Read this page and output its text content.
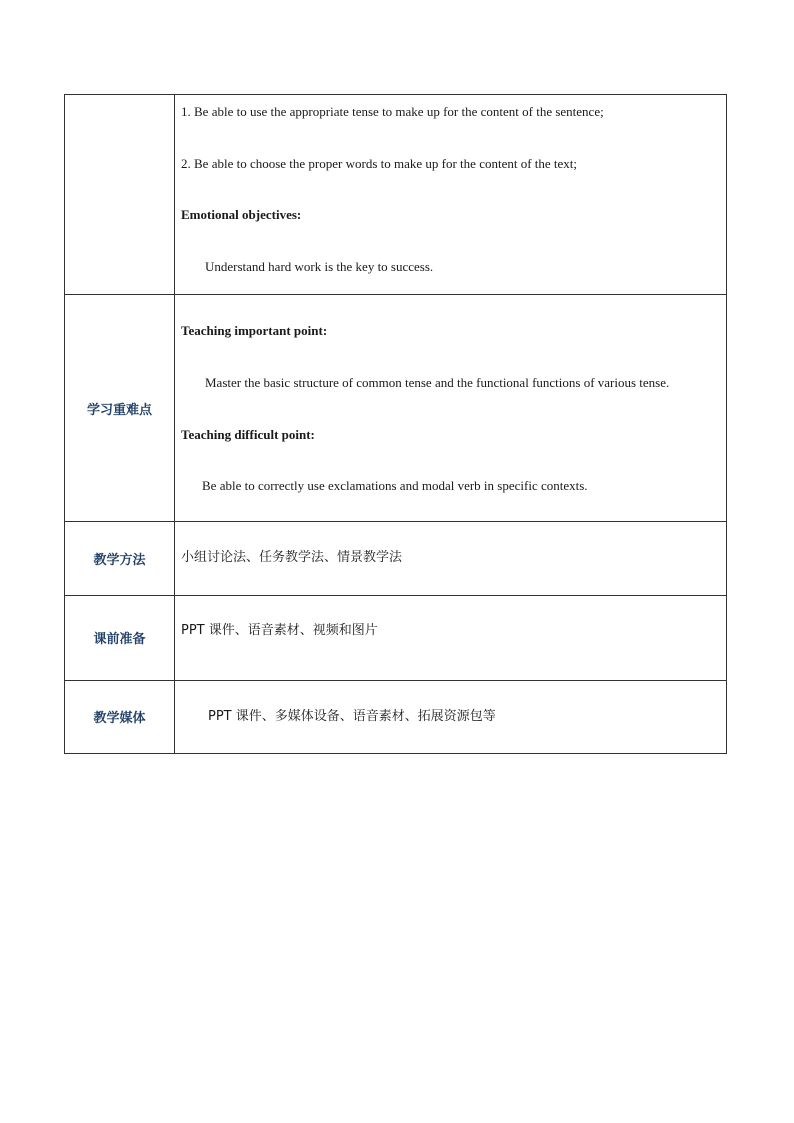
	1. Be able to use the appropriate tense to make up for the content of the sentence;
2. Be able to choose the proper words to make up for the content of the text;
Emotional objectives:
Understand hard work is the key to success.

学习重难点	Teaching important point:
Master the basic structure of common tense and the functional functions of various tense.
Teaching difficult point:
Be able to correctly use exclamations and modal verb in specific contexts.

教学方法	小组讨论法、任务教学法、情景教学法

课前准备	PPT 课件、语音素材、视频和图片

教学媒体	PPT 课件、多媒体设备、语音素材、拓展资源包等
